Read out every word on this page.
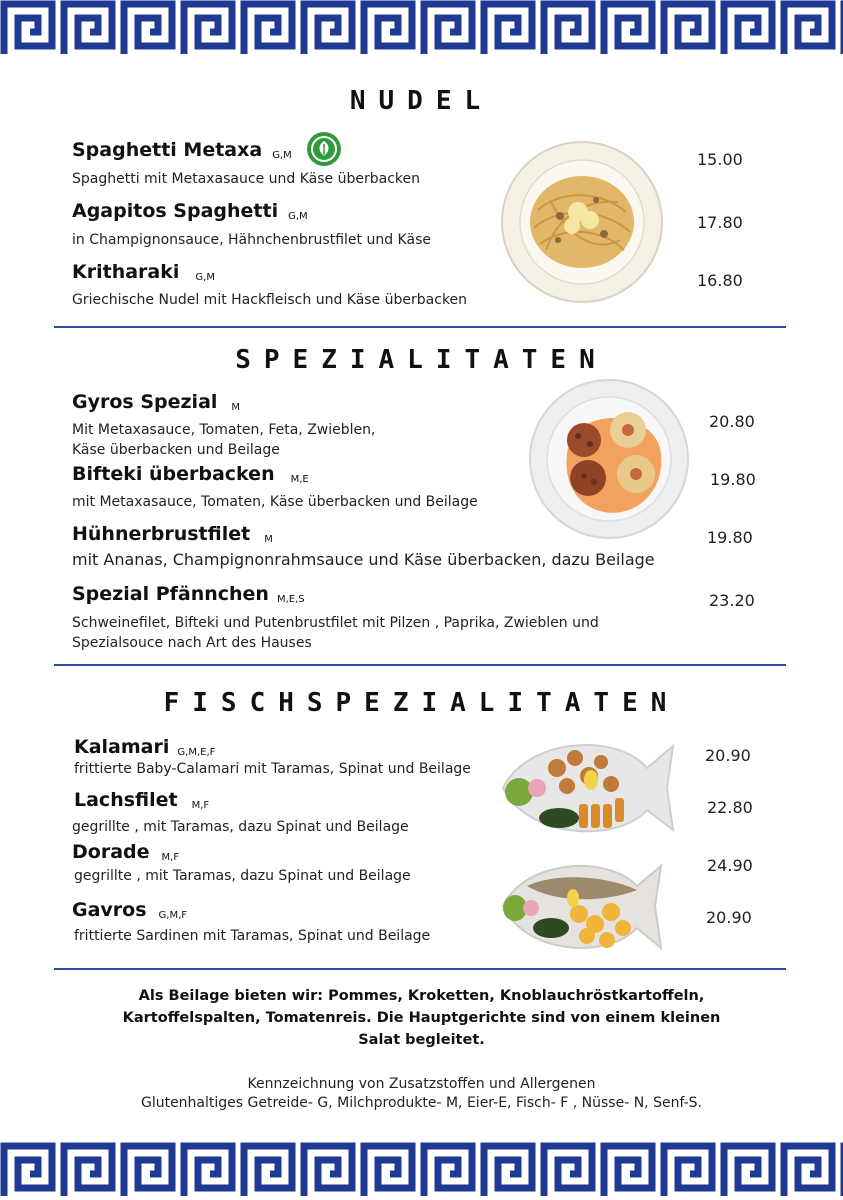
NUDEL
Spaghetti Metaxa G,M
Spaghetti mit Metaxasauce und Käse überbacken
15.00
Agapitos Spaghetti G,M
in Champignonsauce, Hähnchenbrustfilet und Käse
17.80
Kritharaki G,M
Griechische Nudel mit Hackfleisch und Käse überbacken
16.80
SPEZIALITATEN
Gyros Spezial M
Mit Metaxasauce, Tomaten, Feta, Zwieblen,
Käse überbacken und Beilage
20.80
Bifteki überbacken M,E
mit Metaxasauce, Tomaten, Käse überbacken und Beilage
19.80
Hühnerbrustfilet M
mit Ananas, Champignonrahmsauce und Käse überbacken, dazu Beilage
19.80
Spezial Pfännchen M,E,S
Schweinefilet, Bifteki und Putenbrustfilet mit Pilzen , Paprika, Zwieblen und
Spezialsouce nach Art des Hauses
23.20
FISCHSPEZIALITATEN
Kalamari G,M,E,F
frittierte Baby-Calamari mit Taramas, Spinat und Beilage
20.90
Lachsfilet M,F
gegrillte , mit Taramas, dazu Spinat und Beilage
22.80
Dorade M,F
gegrillte , mit Taramas, dazu Spinat und Beilage
24.90
Gavros G,M,F
frittierte Sardinen mit Taramas, Spinat und Beilage
20.90
Als Beilage bieten wir: Pommes, Kroketten, Knoblauchröstkartoffeln,
Kartoffelspalten, Tomatenreis. Die Hauptgerichte sind von einem kleinen
Salat begleitet.
Kennzeichnung von Zusatzstoffen und Allergenen
Glutenhaltiges Getreide- G, Milchprodukte- M, Eier-E, Fisch- F , Nüsse- N, Senf-S.
